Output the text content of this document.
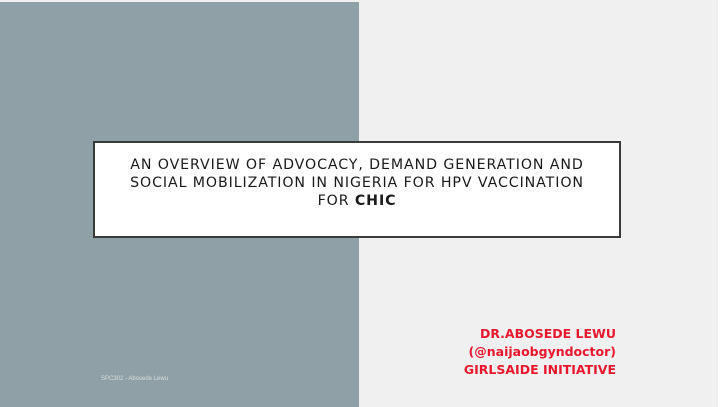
AN OVERVIEW OF ADVOCACY, DEMAND GENERATION AND
SOCIAL MOBILIZATION IN NIGERIA FOR HPV VACCINATION
FOR CHIC
DR.ABOSEDE LEWU
(@naijaobgyndoctor)
GIRLSAIDE INITIATIVE
SPC302 - Abosede Lewu
